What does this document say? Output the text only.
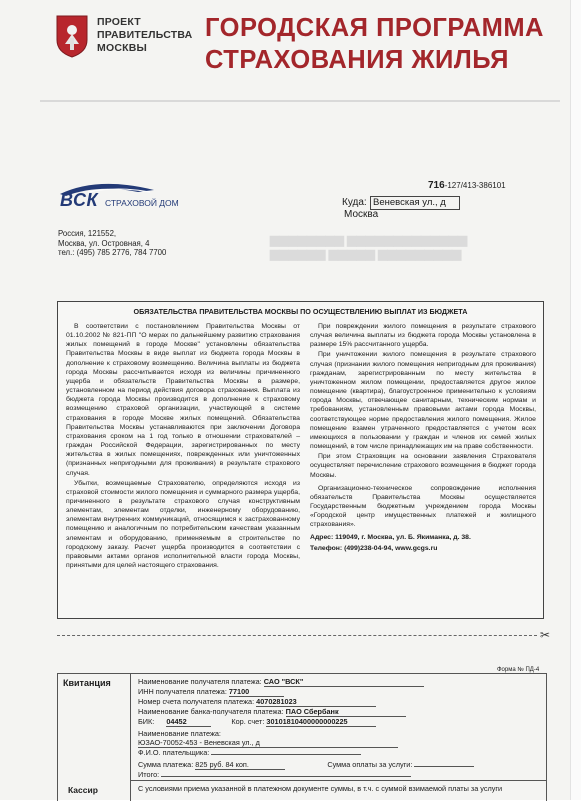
ПРОЕКТ
ПРАВИТЕЛЬСТВА
МОСКВЫ
ГОРОДСКАЯ ПРОГРАММА
СТРАХОВАНИЯ ЖИЛЬЯ
ВСК СТРАХОВОЙ ДОМ
Россия, 121552,
Москва, ул. Островная, 4
тел.: (495) 785 2776, 784 7700	▆▆▆▆▆▆ ▆▆▆▆▆ ▆▆▆▆▆▆▆▆▆
▆▆▆▆▆▆▆▆ ▆▆▆▆▆▆▆▆▆▆▆▆▆
716-127/413-386101
Куда: Веневская ул., д
Москва
ОБЯЗАТЕЛЬСТВА ПРАВИТЕЛЬСТВА МОСКВЫ ПО ОСУЩЕСТВЛЕНИЮ ВЫПЛАТ ИЗ БЮДЖЕТА

В соответствии с постановлением Правительства Москвы от 01.10.2002 № 821-ПП "О мерах по дальнейшему развитию страхования жилых помещений в городе Москве" установлены обязательства Правительства Москвы в виде выплат из бюджета города Москвы в дополнение к страховому возмещению. Величина выплаты из бюджета города Москвы рассчитывается исходя из величины причиненного ущерба и обязательств Правительства Москвы в размере, установленном на период действия договора страхования. Выплата из бюджета города Москвы производится в дополнение к страховому возмещению страховой организации, участвующей в системе страхования в городе Москве жилых помещений. Обязательства Правительства Москвы устанавливаются при заключении Договора страхования сроком на 1 год только в отношении страхователей – граждан Российской Федерации, зарегистрированных по месту жительства в жилых помещениях, поврежденных или уничтоженных (признанных непригодными для проживания) в результате страхового случая.

Убытки, возмещаемые Страхователю, определяются исходя из страховой стоимости жилого помещения и суммарного размера ущерба, причиненного в результате страхового случая конструктивным элементам, элементам отделки, инженерному оборудованию, элементам внутренних коммуникаций, относящимся к застрахованному помещению и аналогичным по потребительским качествам указанным элементам и оборудованию, применяемым в строительстве по городскому заказу. Расчет ущерба производится в соответствии с правовыми актами органов исполнительной власти города Москвы, принятыми для целей настоящего страхования.

При повреждении жилого помещения в результате страхового случая величина выплаты из бюджета города Москвы установлена в размере 15% рассчитанного ущерба.

При уничтожении жилого помещения в результате страхового случая (признании жилого помещения непригодным для проживания) гражданам, зарегистрированным по месту жительства в уничтоженном жилом помещении, предоставляется другое жилое помещение (квартира), благоустроенное применительно к условиям города Москвы, отвечающее санитарным, техническим нормам и требованиям, установленным правовыми актами города Москвы, соответствующее норме предоставления жилого помещения. Жилое помещение взамен утраченного предоставляется с учетом всех имеющихся в пользовании у граждан и членов их семей жилых помещений, в том числе принадлежащих им на праве собственности.

При этом Страховщик на основании заявления Страхователя осуществляет перечисление страхового возмещения в бюджет города Москвы.

Организационно-техническое сопровождение исполнения обязательств Правительства Москвы осуществляется Государственным бюджетным учреждением города Москвы «Городской центр имущественных платежей и жилищного страхования».

Адрес: 119049, г. Москва, ул. Б. Якиманка, д. 38.

Телефон: (499)238-04-94, www.gcgs.ru

✂
Форма № ПД-4
Квитанция
Кассир
Наименование получателя платежа: САО "ВСК"
ИНН получателя платежа: 77100
Номер счета получателя платежа: 4070281023
Наименование банка-получателя платежа: ПАО Сбербанк
БИК: 04452	Кор. счет: 30101810400000000225
Наименование платежа:
ЮЗАО-70052-453 - Веневская ул., д
Ф.И.О. плательщика:
Сумма платежа: 825 руб. 84 коп.	Сумма оплаты за услуги:
Итого:
С условиями приема указанной в платежном документе суммы, в т.ч. с суммой взимаемой платы за услуги
